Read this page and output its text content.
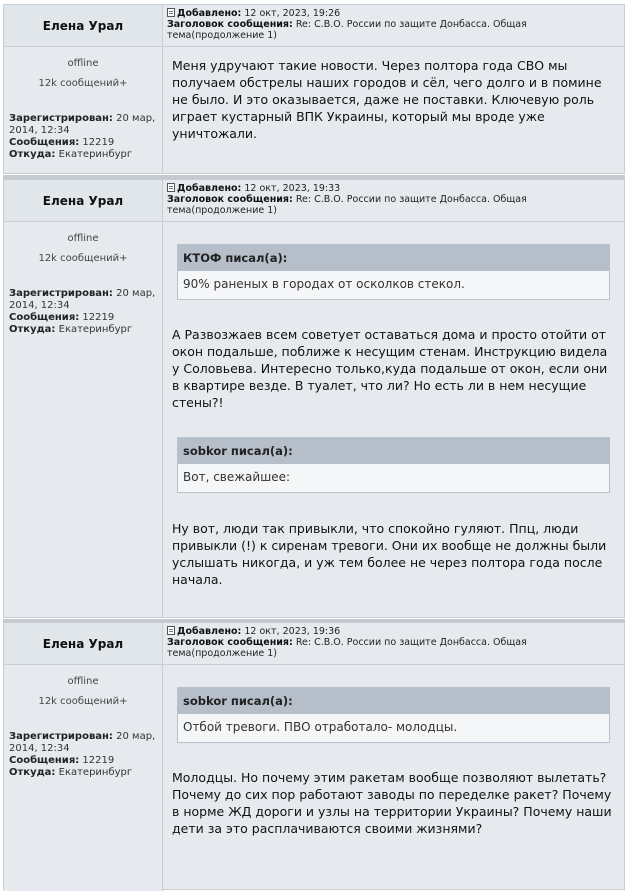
Елена Урал
Добавлено: 12 окт, 2023, 19:26
Заголовок сообщения: Re: С.В.О. России по защите Донбасса. Общая тема(продолжение 1)
offline
12k сообщений+
Зарегистрирован: 20 мар, 2014, 12:34
Сообщения: 12219
Откуда: Екатеринбург

Меня удручают такие новости. Через полтора года СВО мы получаем обстрелы наших городов и сёл, чего долго и в помине не было. И это оказывается, даже не поставки. Ключевую роль играет кустарный ВПК Украины, который мы вроде уже уничтожали.

Елена Урал
Добавлено: 12 окт, 2023, 19:33
Заголовок сообщения: Re: С.В.О. России по защите Донбасса. Общая тема(продолжение 1)
offline
12k сообщений+
Зарегистрирован: 20 мар, 2014, 12:34
Сообщения: 12219
Откуда: Екатеринбург
КТОФ писал(а):
90% раненых в городах от осколков стекол.

А Развозжаев всем советует оставаться дома и просто отойти от окон подальше, поближе к несущим стенам. Инструкцию видела у Соловьева. Интересно только,куда подальше от окон, если они в квартире везде. В туалет, что ли? Но есть ли в нем несущие стены?!

sobkor писал(а):
Вот, свежайшее:

Ну вот, люди так привыкли, что спокойно гуляют. Ппц, люди привыкли (!) к сиренам тревоги. Они их вообще не должны были услышать никогда, и уж тем более не через полтора года после начала.

Елена Урал
Добавлено: 12 окт, 2023, 19:36
Заголовок сообщения: Re: С.В.О. России по защите Донбасса. Общая тема(продолжение 1)
offline
12k сообщений+
Зарегистрирован: 20 мар, 2014, 12:34
Сообщения: 12219
Откуда: Екатеринбург
sobkor писал(а):
Отбой тревоги. ПВО отработало- молодцы.

Молодцы. Но почему этим ракетам вообще позволяют вылетать? Почему до сих пор работают заводы по переделке ракет? Почему в норме ЖД дороги и узлы на территории Украины? Почему наши дети за это расплачиваются своими жизнями?
